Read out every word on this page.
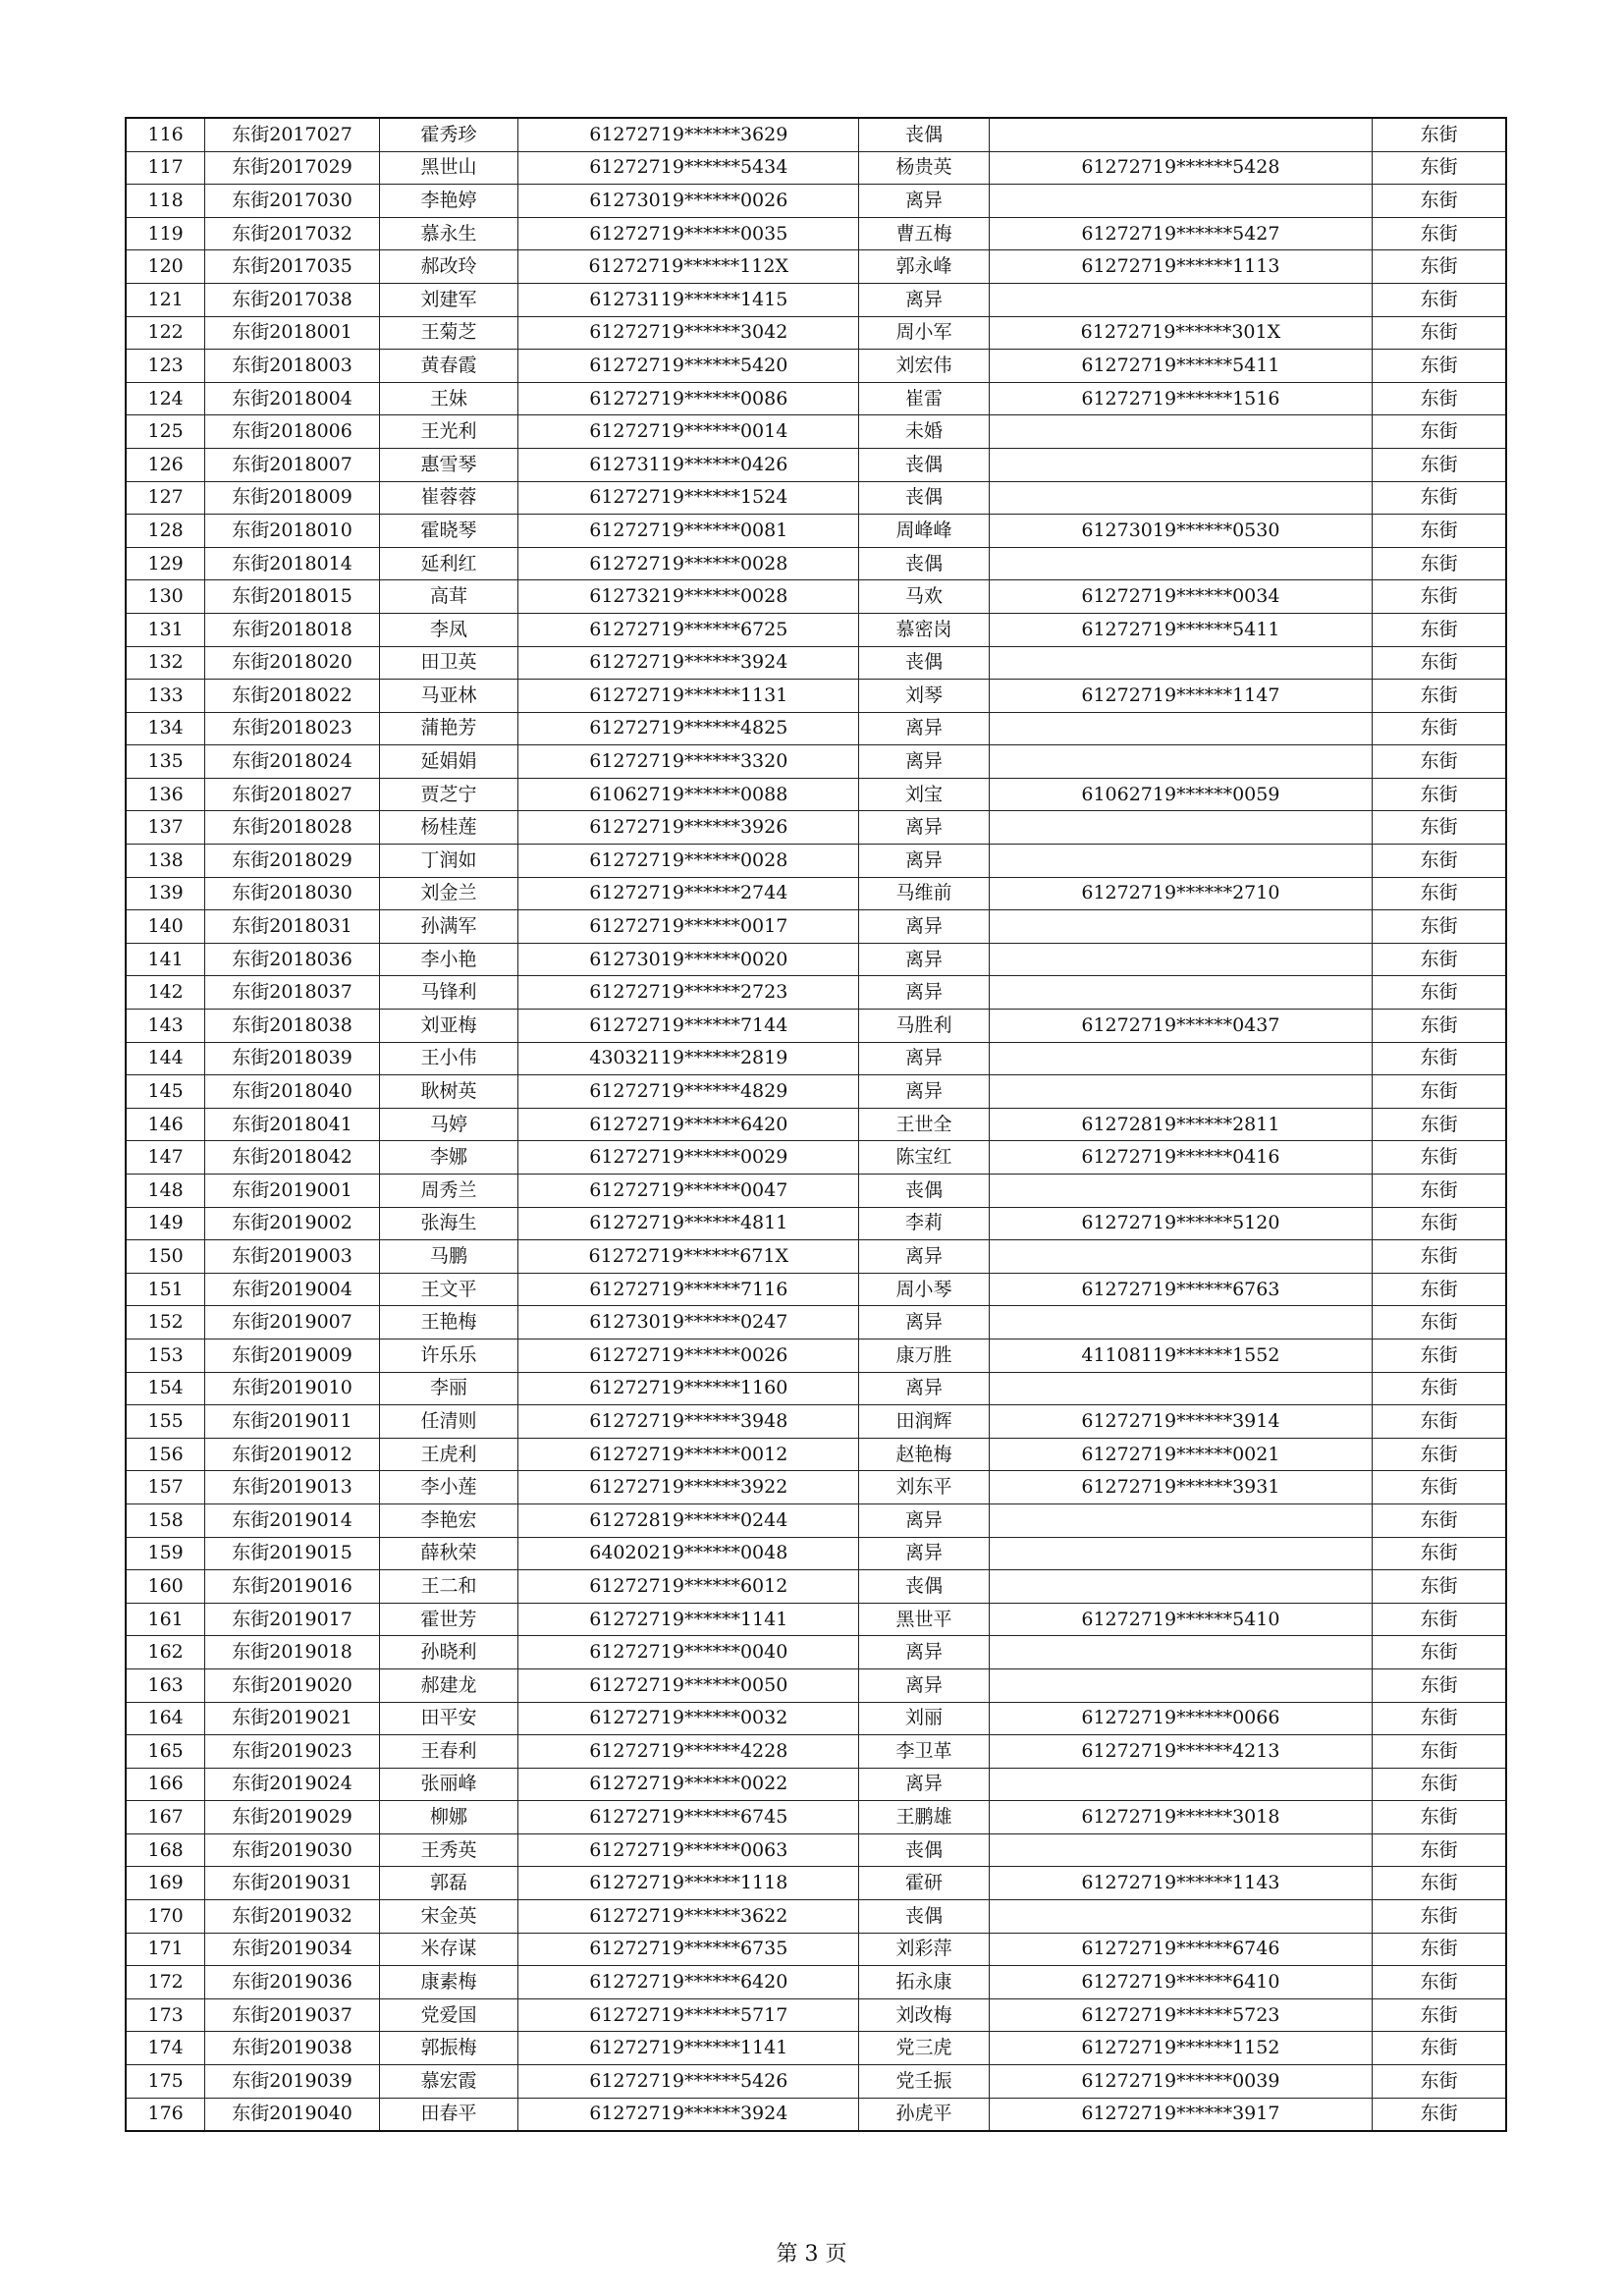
116	东街2017027	霍秀珍	61272719******3629	丧偶		东街
117	东街2017029	黑世山	61272719******5434	杨贵英	61272719******5428	东街
118	东街2017030	李艳婷	61273019******0026	离异		东街
119	东街2017032	慕永生	61272719******0035	曹五梅	61272719******5427	东街
120	东街2017035	郝改玲	61272719******112X	郭永峰	61272719******1113	东街
121	东街2017038	刘建军	61273119******1415	离异		东街
122	东街2018001	王菊芝	61272719******3042	周小军	61272719******301X	东街
123	东街2018003	黄春霞	61272719******5420	刘宏伟	61272719******5411	东街
124	东街2018004	王妹	61272719******0086	崔雷	61272719******1516	东街
125	东街2018006	王光利	61272719******0014	未婚		东街
126	东街2018007	惠雪琴	61273119******0426	丧偶		东街
127	东街2018009	崔蓉蓉	61272719******1524	丧偶		东街
128	东街2018010	霍晓琴	61272719******0081	周峰峰	61273019******0530	东街
129	东街2018014	延利红	61272719******0028	丧偶		东街
130	东街2018015	高茸	61273219******0028	马欢	61272719******0034	东街
131	东街2018018	李凤	61272719******6725	慕密岗	61272719******5411	东街
132	东街2018020	田卫英	61272719******3924	丧偶		东街
133	东街2018022	马亚林	61272719******1131	刘琴	61272719******1147	东街
134	东街2018023	蒲艳芳	61272719******4825	离异		东街
135	东街2018024	延娟娟	61272719******3320	离异		东街
136	东街2018027	贾芝宁	61062719******0088	刘宝	61062719******0059	东街
137	东街2018028	杨桂莲	61272719******3926	离异		东街
138	东街2018029	丁润如	61272719******0028	离异		东街
139	东街2018030	刘金兰	61272719******2744	马维前	61272719******2710	东街
140	东街2018031	孙满军	61272719******0017	离异		东街
141	东街2018036	李小艳	61273019******0020	离异		东街
142	东街2018037	马锋利	61272719******2723	离异		东街
143	东街2018038	刘亚梅	61272719******7144	马胜利	61272719******0437	东街
144	东街2018039	王小伟	43032119******2819	离异		东街
145	东街2018040	耿树英	61272719******4829	离异		东街
146	东街2018041	马婷	61272719******6420	王世全	61272819******2811	东街
147	东街2018042	李娜	61272719******0029	陈宝红	61272719******0416	东街
148	东街2019001	周秀兰	61272719******0047	丧偶		东街
149	东街2019002	张海生	61272719******4811	李莉	61272719******5120	东街
150	东街2019003	马鹏	61272719******671X	离异		东街
151	东街2019004	王文平	61272719******7116	周小琴	61272719******6763	东街
152	东街2019007	王艳梅	61273019******0247	离异		东街
153	东街2019009	许乐乐	61272719******0026	康万胜	41108119******1552	东街
154	东街2019010	李丽	61272719******1160	离异		东街
155	东街2019011	任清则	61272719******3948	田润辉	61272719******3914	东街
156	东街2019012	王虎利	61272719******0012	赵艳梅	61272719******0021	东街
157	东街2019013	李小莲	61272719******3922	刘东平	61272719******3931	东街
158	东街2019014	李艳宏	61272819******0244	离异		东街
159	东街2019015	薛秋荣	64020219******0048	离异		东街
160	东街2019016	王二和	61272719******6012	丧偶		东街
161	东街2019017	霍世芳	61272719******1141	黑世平	61272719******5410	东街
162	东街2019018	孙晓利	61272719******0040	离异		东街
163	东街2019020	郝建龙	61272719******0050	离异		东街
164	东街2019021	田平安	61272719******0032	刘丽	61272719******0066	东街
165	东街2019023	王春利	61272719******4228	李卫革	61272719******4213	东街
166	东街2019024	张丽峰	61272719******0022	离异		东街
167	东街2019029	柳娜	61272719******6745	王鹏雄	61272719******3018	东街
168	东街2019030	王秀英	61272719******0063	丧偶		东街
169	东街2019031	郭磊	61272719******1118	霍研	61272719******1143	东街
170	东街2019032	宋金英	61272719******3622	丧偶		东街
171	东街2019034	米存谋	61272719******6735	刘彩萍	61272719******6746	东街
172	东街2019036	康素梅	61272719******6420	拓永康	61272719******6410	东街
173	东街2019037	党爱国	61272719******5717	刘改梅	61272719******5723	东街
174	东街2019038	郭振梅	61272719******1141	党三虎	61272719******1152	东街
175	东街2019039	慕宏霞	61272719******5426	党壬振	61272719******0039	东街
176	东街2019040	田春平	61272719******3924	孙虎平	61272719******3917	东街
第 3 页
